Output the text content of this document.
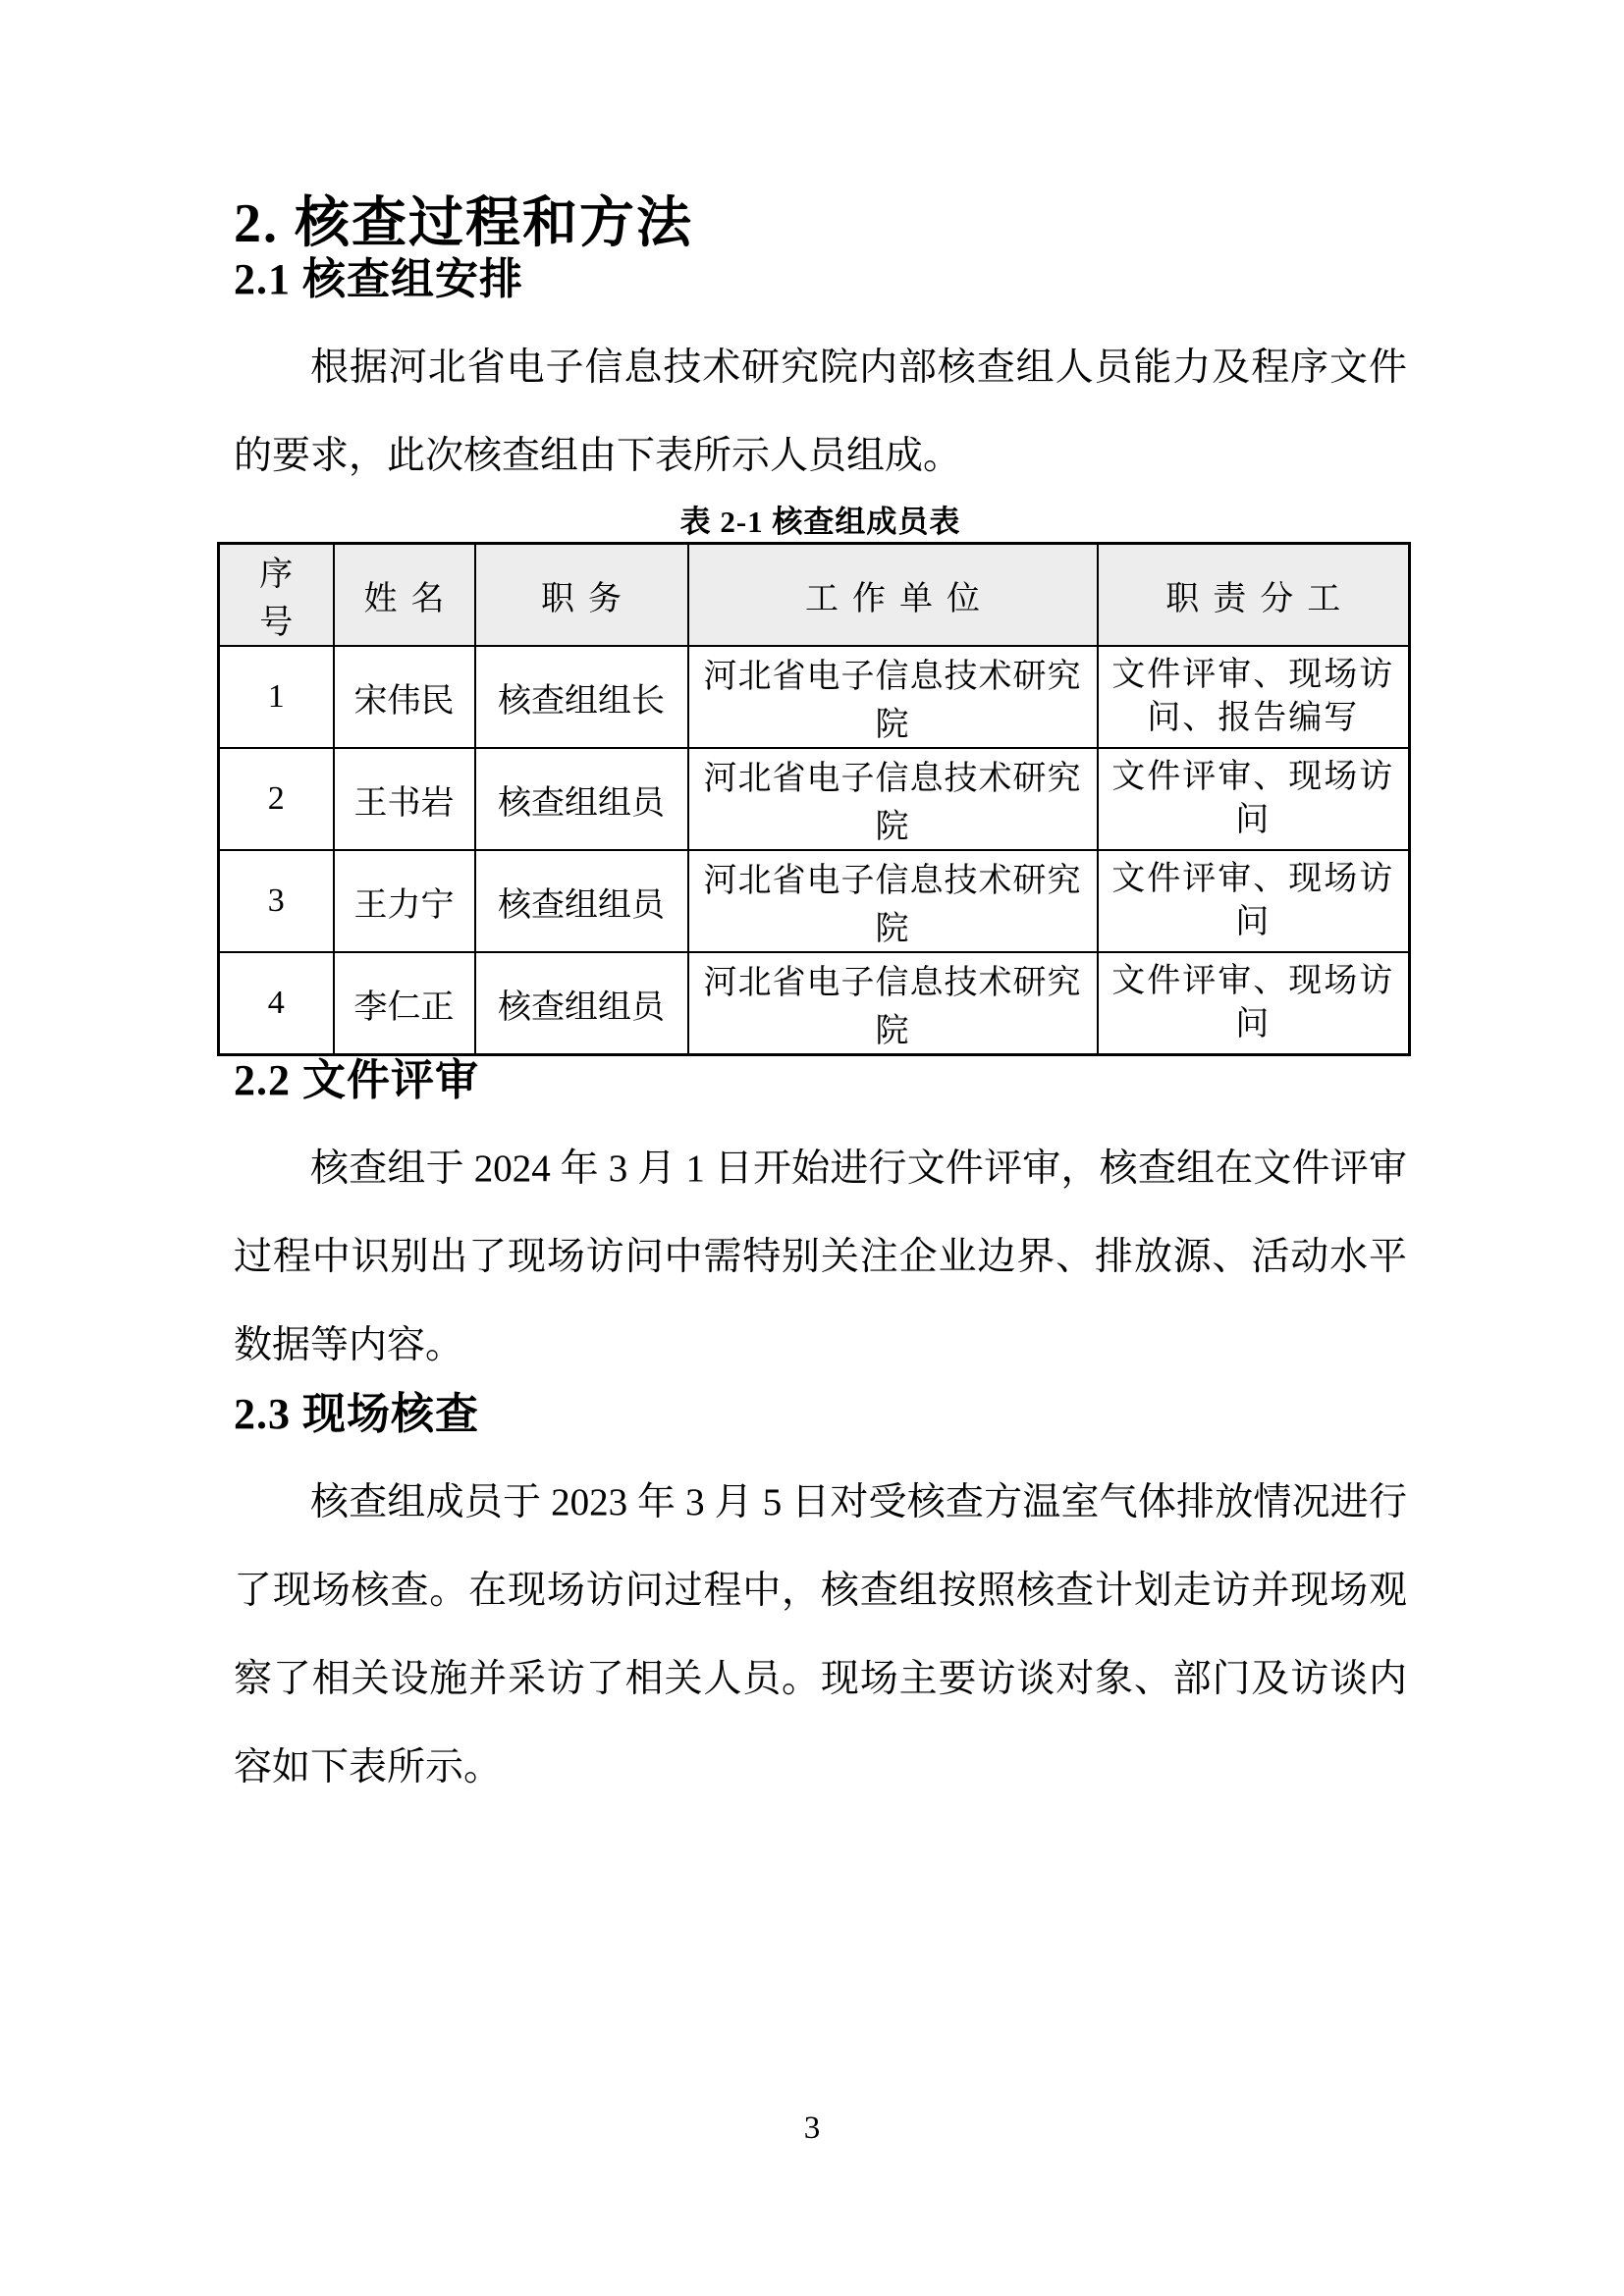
2. 核查过程和方法
2.1 核查组安排

根据河北省电子信息技术研究院内部核查组人员能力及程序文件的要求，此次核查组由下表所示人员组成。

表 2-1 核查组成员表
序号	姓名	职务	工作单位	职责分工
1	宋伟民	核查组组长	河北省电子信息技术研究院	文件评审、现场访问、报告编写
2	王书岩	核查组组员	河北省电子信息技术研究院	文件评审、现场访问
3	王力宁	核查组组员	河北省电子信息技术研究院	文件评审、现场访问
4	李仁正	核查组组员	河北省电子信息技术研究院	文件评审、现场访问
2.2 文件评审

核查组于 2024 年 3 月 1 日开始进行文件评审，核查组在文件评审过程中识别出了现场访问中需特别关注企业边界、排放源、活动水平数据等内容。

2.3 现场核查

核查组成员于 2023 年 3 月 5 日对受核查方温室气体排放情况进行了现场核查。在现场访问过程中，核查组按照核查计划走访并现场观察了相关设施并采访了相关人员。现场主要访谈对象、部门及访谈内容如下表所示。

3
